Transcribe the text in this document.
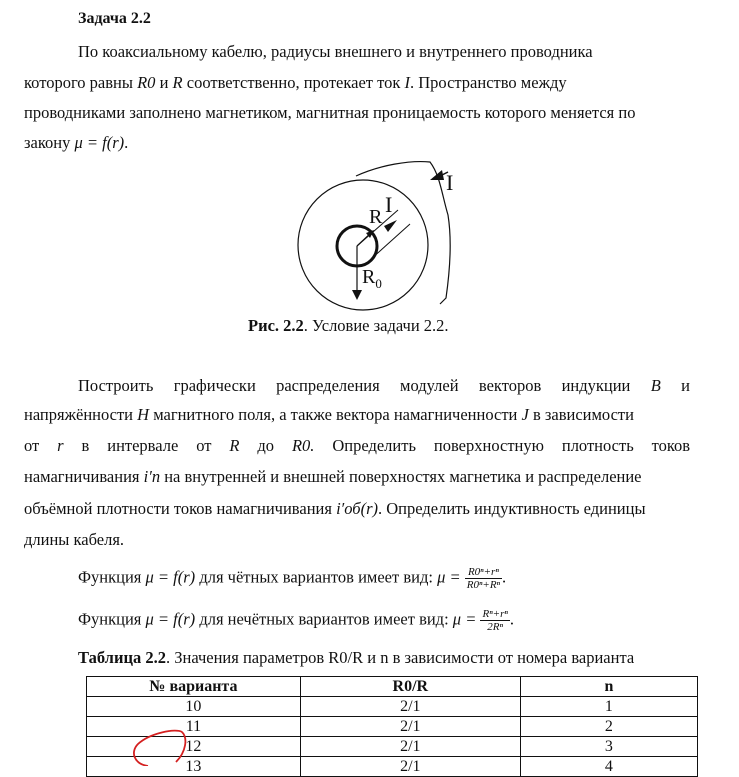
Задача 2.2
По коаксиальному кабелю, радиусы внешнего и внутреннего проводника
которого равны R0 и R соответственно, протекает ток I. Пространство между
проводниками заполнено магнетиком, магнитная проницаемость которого меняется по
закону μ = f(r).
I
I
R
$R_0$
Рис. 2.2. Условие задачи 2.2.
Построить графически распределения модулей векторов индукции B и
напряжённости H магнитного поля, а также вектора намагниченности J в зависимости
от r в интервале от R до R0. Определить поверхностную плотность токов
намагничивания i′п на внутренней и внешней поверхностях магнетика и распределение
объёмной плотности токов намагничивания i′об(r). Определить индуктивность единицы
длины кабеля.
Функция μ = f(r) для чётных вариантов имеет вид: $\mu = \frac{\text{R0ⁿ+rⁿ}}{\text{R0ⁿ+Rⁿ}}$ .
Функция μ = f(r) для нечётных вариантов имеет вид: $\mu = \frac{\text{Rⁿ+rⁿ}}{\text{2Rⁿ}}$ .
Таблица 2.2. Значения параметров R0/R и n в зависимости от номера варианта
№ варианта	R0/R	n
10	2/1	1
11	2/1	2
12	2/1	3
13	2/1	4
